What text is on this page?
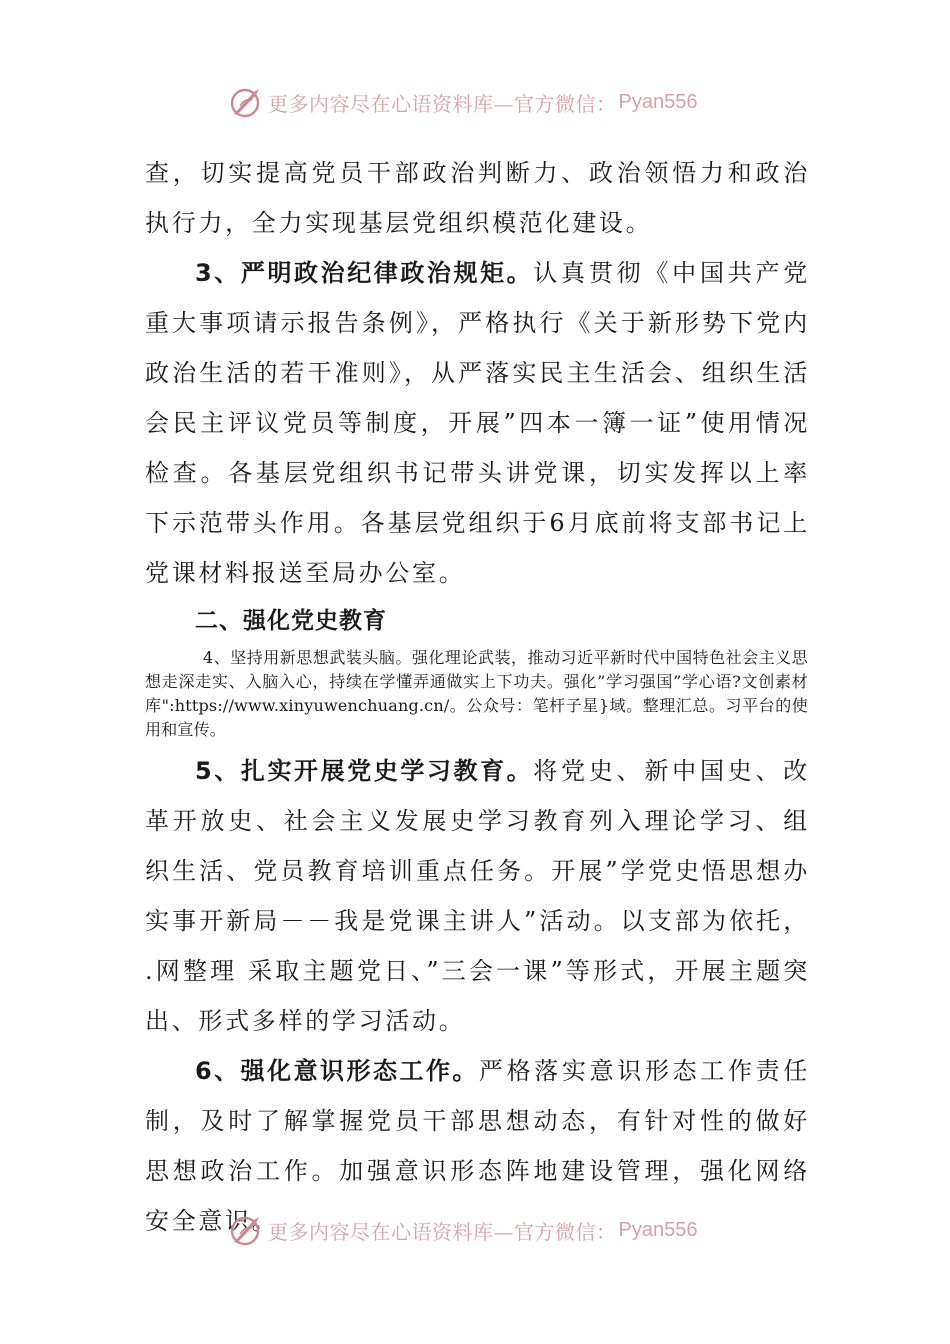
更多内容尽在心语资料库—官方微信： Pyan556

查，切实提高党员干部政治判断力、政治领悟力和政治执行力，全力实现基层党组织模范化建设。

3、严明政治纪律政治规矩。认真贯彻《中国共产党重大事项请示报告条例》，严格执行《关于新形势下党内政治生活的若干准则》，从严落实民主生活会、组织生活会民主评议党员等制度，开展”四本一簿一证”使用情况检查。各基层党组织书记带头讲党课，切实发挥以上率下示范带头作用。各基层党组织于6月底前将支部书记上党课材料报送至局办公室。

二、强化党史教育

4、坚持用新思想武装头脑。强化理论武装，推动习近平新时代中国特色社会主义思想走深走实、入脑入心，持续在学懂弄通做实上下功夫。强化”学习强国”学心语?文创素材库":https://www.xinyuwenchuang.cn/。公众号：笔杆子星}域。整理汇总。习平台的使用和宣传。

5、扎实开展党史学习教育。将党史、新中国史、改革开放史、社会主义发展史学习教育列入理论学习、组织生活、党员教育培训重点任务。开展”学党史悟思想办实事开新局－－我是党课主讲人”活动。以支部为依托， .网整理 采取主题党日、”三会一课”等形式，开展主题突出、形式多样的学习活动。

6、强化意识形态工作。严格落实意识形态工作责任制，及时了解掌握党员干部思想动态，有针对性的做好思想政治工作。加强意识形态阵地建设管理，强化网络安全意识。

更多内容尽在心语资料库—官方微信： Pyan556
